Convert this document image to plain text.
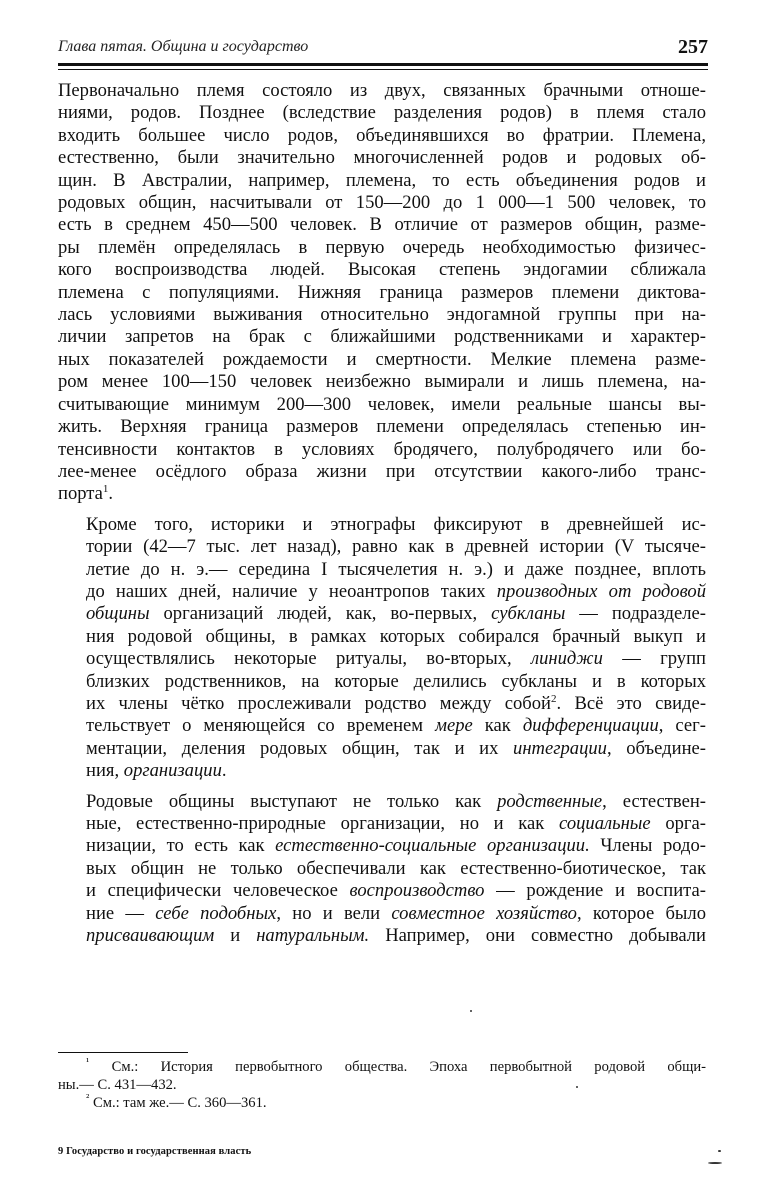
Глава пятая. Община и государство	257

Первоначально племя состояло из двух, связанных брачными отноше-
ниями, родов. Позднее (вследствие разделения родов) в племя стало
входить большее число родов, объединявшихся во фратрии. Племена,
естественно, были значительно многочисленней родов и родовых об-
щин. В Австралии, например, племена, то есть объединения родов и
родовых общин, насчитывали от 150—200 до 1 000—1 500 человек, то
есть в среднем 450—500 человек. В отличие от размеров общин, разме-
ры племён определялась в первую очередь необходимостью физичес-
кого воспроизводства людей. Высокая степень эндогамии сближала
племена с популяциями. Нижняя граница размеров племени диктова-
лась условиями выживания относительно эндогамной группы при на-
личии запретов на брак с ближайшими родственниками и характер-
ных показателей рождаемости и смертности. Мелкие племена разме-
ром менее 100—150 человек неизбежно вымирали и лишь племена, на-
считывающие минимум 200—300 человек, имели реальные шансы вы-
жить. Верхняя граница размеров племени определялась степенью ин-
тенсивности контактов в условиях бродячего, полубродячего или бо-
лее-менее осёдлого образа жизни при отсутствии какого-либо транс-
порта$^1$.

Кроме того, историки и этнографы фиксируют в древнейшей ис-
тории (42—7 тыс. лет назад), равно как в древней истории (V тысяче-
летие до н. э.— середина I тысячелетия н. э.) и даже позднее, вплоть
до наших дней, наличие у неоантропов таких производных от родовой
общины организаций людей, как, во-первых, субкланы — подразделе-
ния родовой общины, в рамках которых собирался брачный выкуп и
осуществлялись некоторые ритуалы, во-вторых, линиджи — групп
близких родственников, на которые делились субкланы и в которых
их члены чётко прослеживали родство между собой$^2$. Всё это свиде-
тельствует о меняющейся со временем мере как дифференциации, сег-
ментации, деления родовых общин, так и их интеграции, объедине-
ния, организации.

Родовые общины выступают не только как родственные, естествен-
ные, естественно-природные организации, но и как социальные орга-
низации, то есть как естественно-социальные организации. Члены родо-
вых общин не только обеспечивали как естественно-биотическое, так
и специфически человеческое воспроизводство — рождение и воспита-
ние — себе подобных, но и вели совместное хозяйство, которое было
присваивающим и натуральным. Например, они совместно добывали

$^{^1}$ См.: История первобытного общества. Эпоха первобытной родовой общи-
ны.— С. 431—432.
$^{^2}$ См.: там же.— С. 360—361.
9 Государство и государственная власть
